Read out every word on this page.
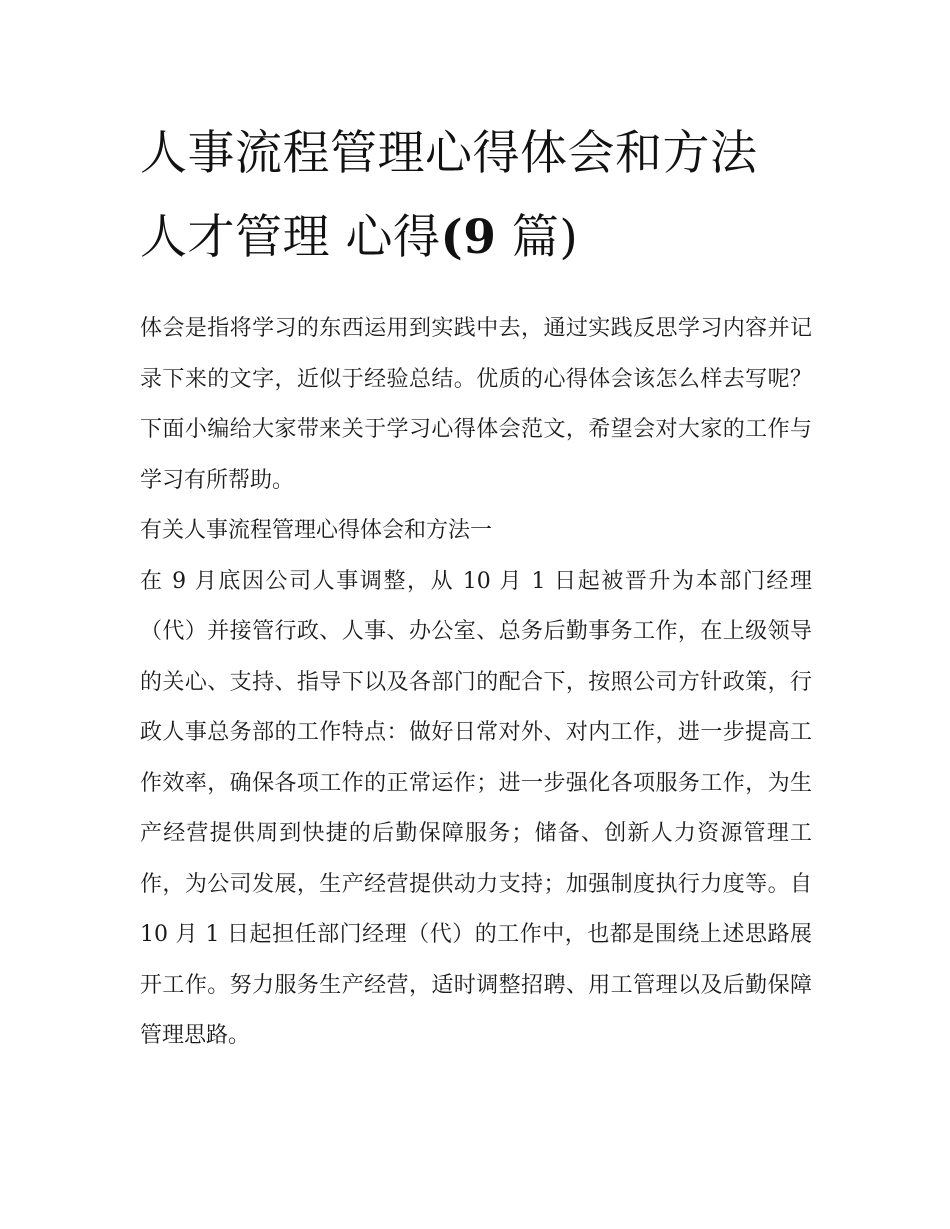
人事流程管理心得体会和方法
人才管理 心得(9 篇)

体会是指将学习的东西运用到实践中去，通过实践反思学习内容并记录下来的文字，近似于经验总结。优质的心得体会该怎么样去写呢？下面小编给大家带来关于学习心得体会范文，希望会对大家的工作与学习有所帮助。

有关人事流程管理心得体会和方法一

在 9 月底因公司人事调整，从 10 月 1 日起被晋升为本部门经理（代）并接管行政、人事、办公室、总务后勤事务工作，在上级领导的关心、支持、指导下以及各部门的配合下，按照公司方针政策，行政人事总务部的工作特点：做好日常对外、对内工作，进一步提高工作效率，确保各项工作的正常运作；进一步强化各项服务工作，为生产经营提供周到快捷的后勤保障服务；储备、创新人力资源管理工作，为公司发展，生产经营提供动力支持；加强制度执行力度等。自 10 月 1 日起担任部门经理（代）的工作中，也都是围绕上述思路展开工作。努力服务生产经营，适时调整招聘、用工管理以及后勤保障管理思路。
